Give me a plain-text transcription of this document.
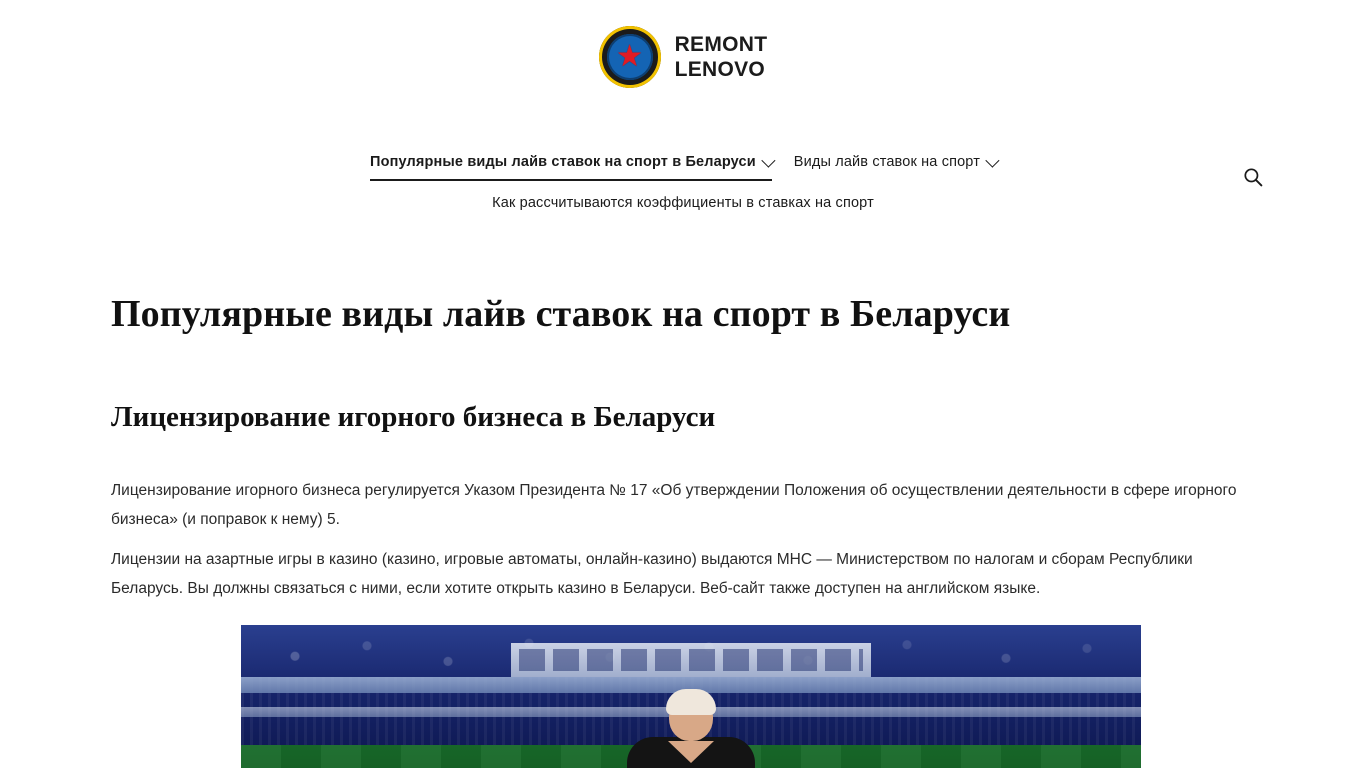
★ REMONT
LENOVO
Популярные виды лайв ставок на спорт в Беларуси	Виды лайв ставок на спорт
Как рассчитываются коэффициенты в ставках на спорт
Популярные виды лайв ставок на спорт в Беларуси
Лицензирование игорного бизнеса в Беларуси

Лицензирование игорного бизнеса регулируется Указом Президента № 17 «Об утверждении Положения об осуществлении деятельности в сфере игорного бизнеса» (и поправок к нему) 5.

Лицензии на азартные игры в казино (казино, игровые автоматы, онлайн-казино) выдаются МНС — Министерством по налогам и сборам Республики Беларусь. Вы должны связаться с ними, если хотите открыть казино в Беларуси. Веб-сайт также доступен на английском языке.
